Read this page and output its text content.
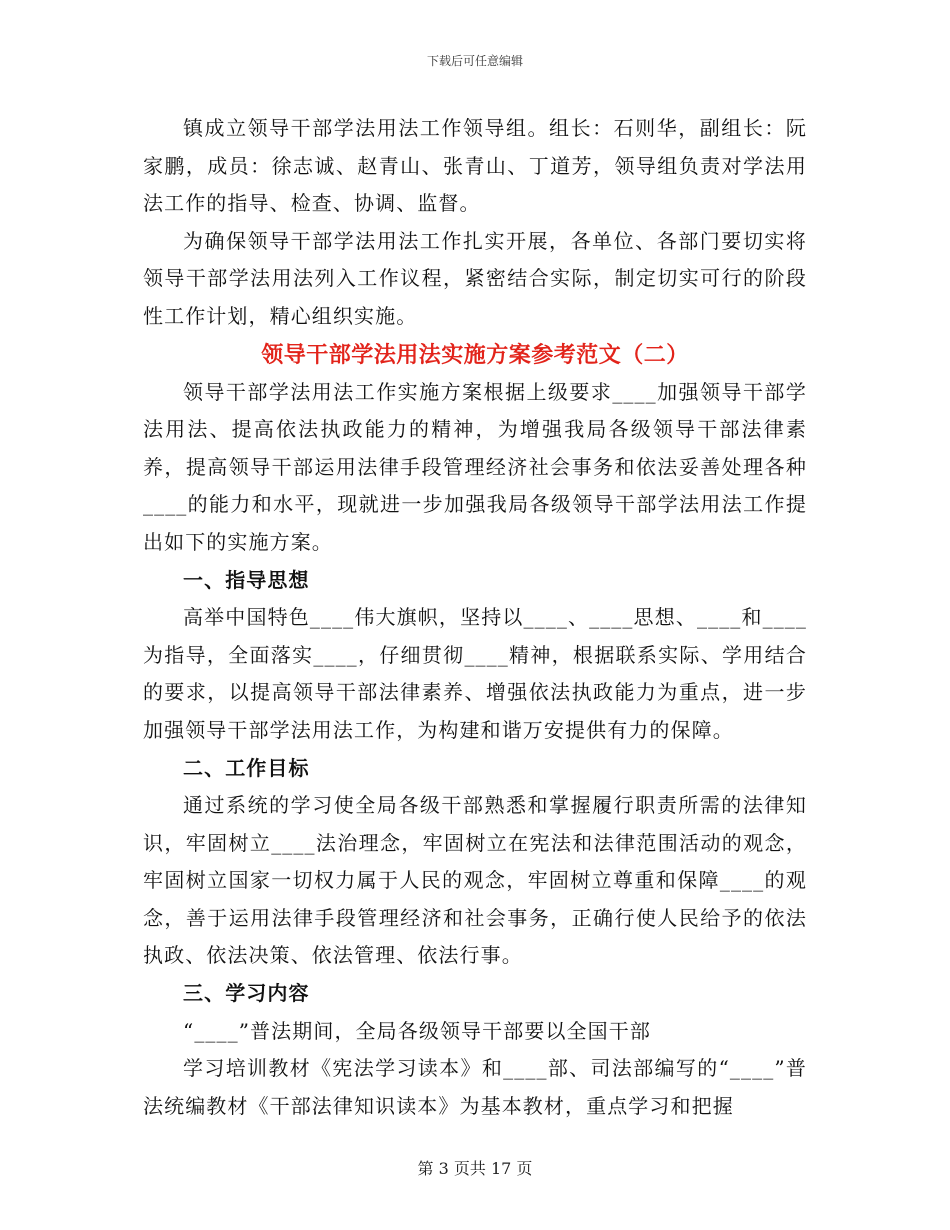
下载后可任意编辑

镇成立领导干部学法用法工作领导组。组长：石则华，副组长：阮家鹏，成员：徐志诚、赵青山、张青山、丁道芳，领导组负责对学法用法工作的指导、检查、协调、监督。

为确保领导干部学法用法工作扎实开展，各单位、各部门要切实将领导干部学法用法列入工作议程，紧密结合实际，制定切实可行的阶段性工作计划，精心组织实施。

领导干部学法用法实施方案参考范文（二）

领导干部学法用法工作实施方案根据上级要求____加强领导干部学法用法、提高依法执政能力的精神，为增强我局各级领导干部法律素养，提高领导干部运用法律手段管理经济社会事务和依法妥善处理各种____的能力和水平，现就进一步加强我局各级领导干部学法用法工作提出如下的实施方案。

一、指导思想

高举中国特色____伟大旗帜，坚持以____、____思想、____和____为指导，全面落实____，仔细贯彻____精神，根据联系实际、学用结合的要求，以提高领导干部法律素养、增强依法执政能力为重点，进一步加强领导干部学法用法工作，为构建和谐万安提供有力的保障。

二、工作目标

通过系统的学习使全局各级干部熟悉和掌握履行职责所需的法律知识，牢固树立____法治理念，牢固树立在宪法和法律范围活动的观念，牢固树立国家一切权力属于人民的观念，牢固树立尊重和保障____的观念，善于运用法律手段管理经济和社会事务，正确行使人民给予的依法执政、依法决策、依法管理、依法行事。

三、学习内容

“____”普法期间，全局各级领导干部要以全国干部

学习培训教材《宪法学习读本》和____部、司法部编写的“____”普法统编教材《干部法律知识读本》为基本教材，重点学习和把握

第 3 页共 17 页
